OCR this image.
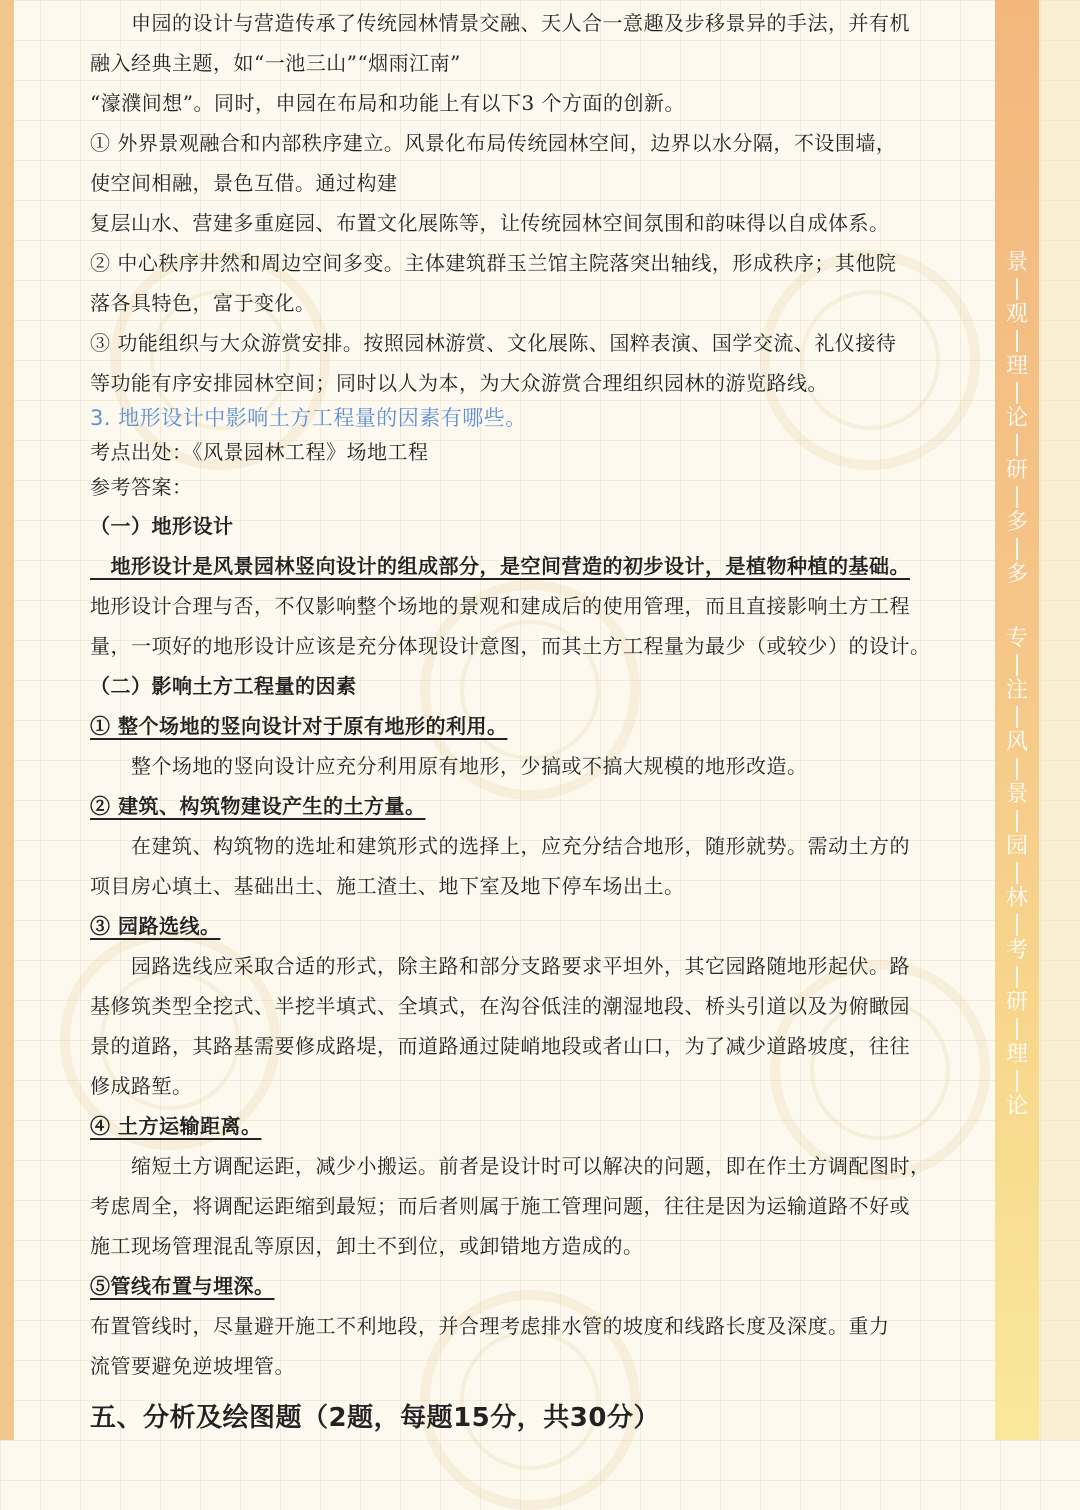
　　申园的设计与营造传承了传统园林情景交融、天人合一意趣及步移景异的手法，并有机
融入经典主题，如“一池三山”“烟雨江南”
“濠濮间想”。同时，申园在布局和功能上有以下3 个方面的创新。
① 外界景观融合和内部秩序建立。风景化布局传统园林空间，边界以水分隔，不设围墙，
使空间相融，景色互借。通过构建
复层山水、营建多重庭园、布置文化展陈等，让传统园林空间氛围和韵味得以自成体系。
② 中心秩序井然和周边空间多变。主体建筑群玉兰馆主院落突出轴线，形成秩序；其他院
落各具特色，富于变化。
③ 功能组织与大众游赏安排。按照园林游赏、文化展陈、国粹表演、国学交流、礼仪接待
等功能有序安排园林空间；同时以人为本，为大众游赏合理组织园林的游览路线。
3. 地形设计中影响土方工程量的因素有哪些。
考点出处：《风景园林工程》场地工程
参考答案：
（一）地形设计
　地形设计是风景园林竖向设计的组成部分，是空间营造的初步设计，是植物种植的基础。
地形设计合理与否，不仅影响整个场地的景观和建成后的使用管理，而且直接影响土方工程
量，一项好的地形设计应该是充分体现设计意图，而其土方工程量为最少（或较少）的设计。
（二）影响土方工程量的因素
① 整个场地的竖向设计对于原有地形的利用。
　　整个场地的竖向设计应充分利用原有地形，少搞或不搞大规模的地形改造。
② 建筑、构筑物建设产生的土方量。
　　在建筑、构筑物的选址和建筑形式的选择上，应充分结合地形，随形就势。需动土方的
项目房心填土、基础出土、施工渣土、地下室及地下停车场出土。
③ 园路选线。
　　园路选线应采取合适的形式，除主路和部分支路要求平坦外，其它园路随地形起伏。路
基修筑类型全挖式、半挖半填式、全填式，在沟谷低洼的潮湿地段、桥头引道以及为俯瞰园
景的道路，其路基需要修成路堤，而道路通过陡峭地段或者山口，为了减少道路坡度，往往
修成路堑。
④ 土方运输距离。
　　缩短土方调配运距，减少小搬运。前者是设计时可以解决的问题，即在作土方调配图时，
考虑周全，将调配运距缩到最短；而后者则属于施工管理问题，往往是因为运输道路不好或
施工现场管理混乱等原因，卸土不到位，或卸错地方造成的。
⑤管线布置与埋深。
布置管线时，尽量避开施工不利地段，并合理考虑排水管的坡度和线路长度及深度。重力
流管要避免逆坡埋管。
五、分析及绘图题（2题，每题15分，共30分）
景
观
理
论
研
多
多
专
注
风
景
园
林
考
研
理
论
